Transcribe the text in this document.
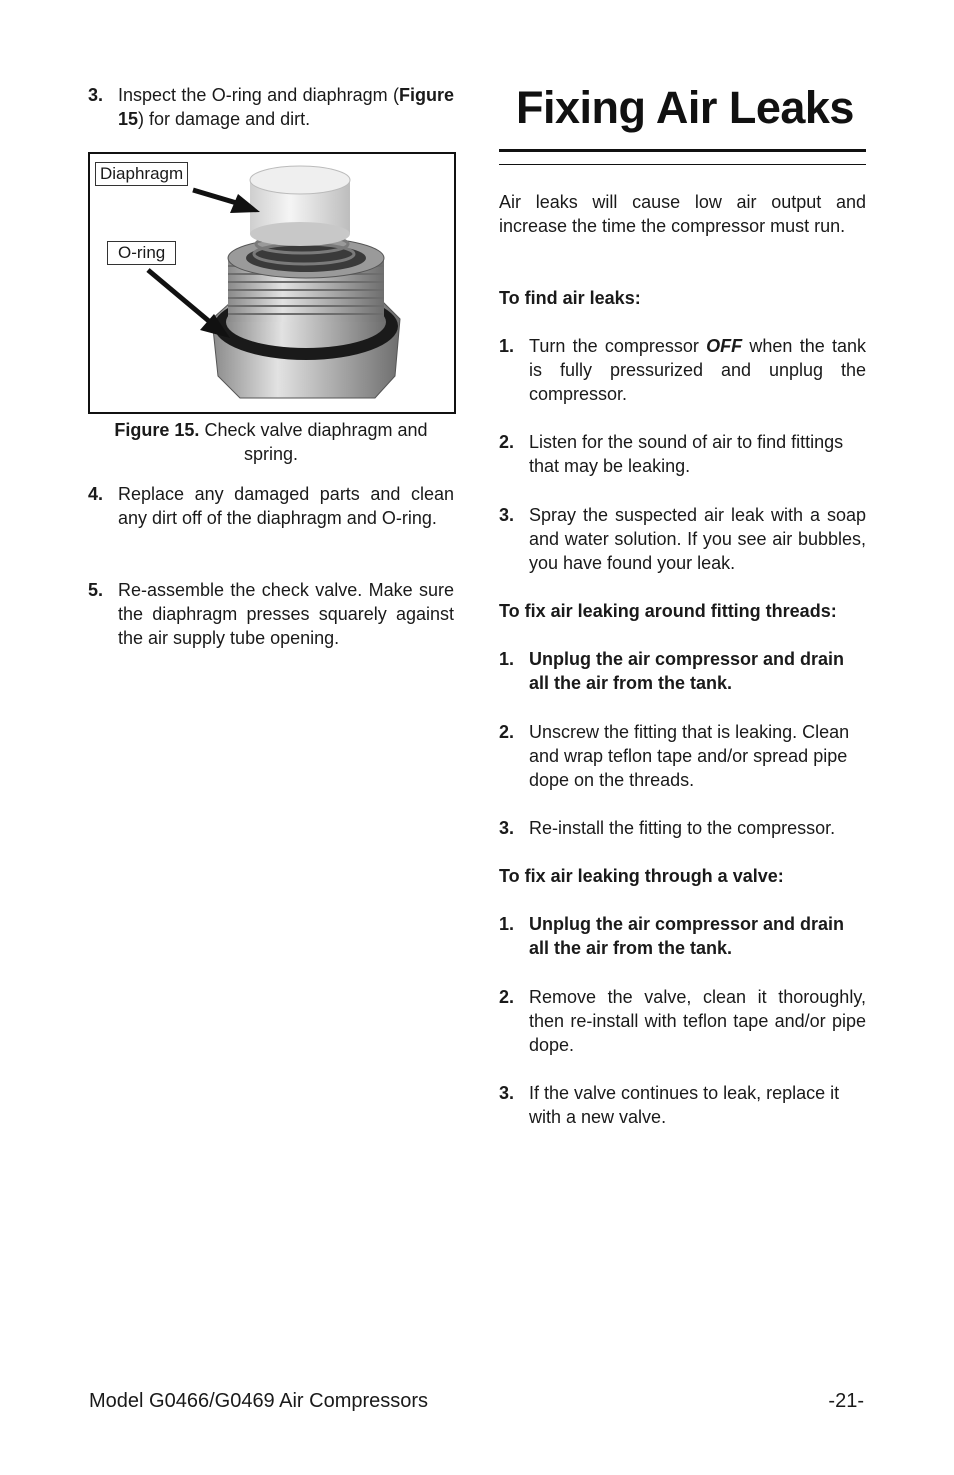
3. Inspect the O-ring and diaphragm (Figure 15) for damage and dirt.
4. Replace any damaged parts and clean any dirt off of the diaphragm and O-ring.
5. Re-assemble the check valve. Make sure the diaphragm presses squarely against the air supply tube opening.
Diaphragm
O-ring
Figure 15. Check valve diaphragm and spring.
Fixing Air Leaks
Air leaks will cause low air output and increase the time the compressor must run.
To find air leaks:
1. Turn the compressor OFF when the tank is fully pressurized and unplug the compressor.
2. Listen for the sound of air to find fittings that may be leaking.
3. Spray the suspected air leak with a soap and water solution. If you see air bubbles, you have found your leak.
To fix air leaking around fitting threads:
1. Unplug the air compressor and drain all the air from the tank.
2. Unscrew the fitting that is leaking. Clean and wrap teflon tape and/or spread pipe dope on the threads.
3. Re-install the fitting to the compressor.
To fix air leaking through a valve:
1. Unplug the air compressor and drain all the air from the tank.
2. Remove the valve, clean it thoroughly, then re-install with teflon tape and/or pipe dope.
3. If the valve continues to leak, replace it with a new valve.
Model G0466/G0469 Air Compressors	-21-
